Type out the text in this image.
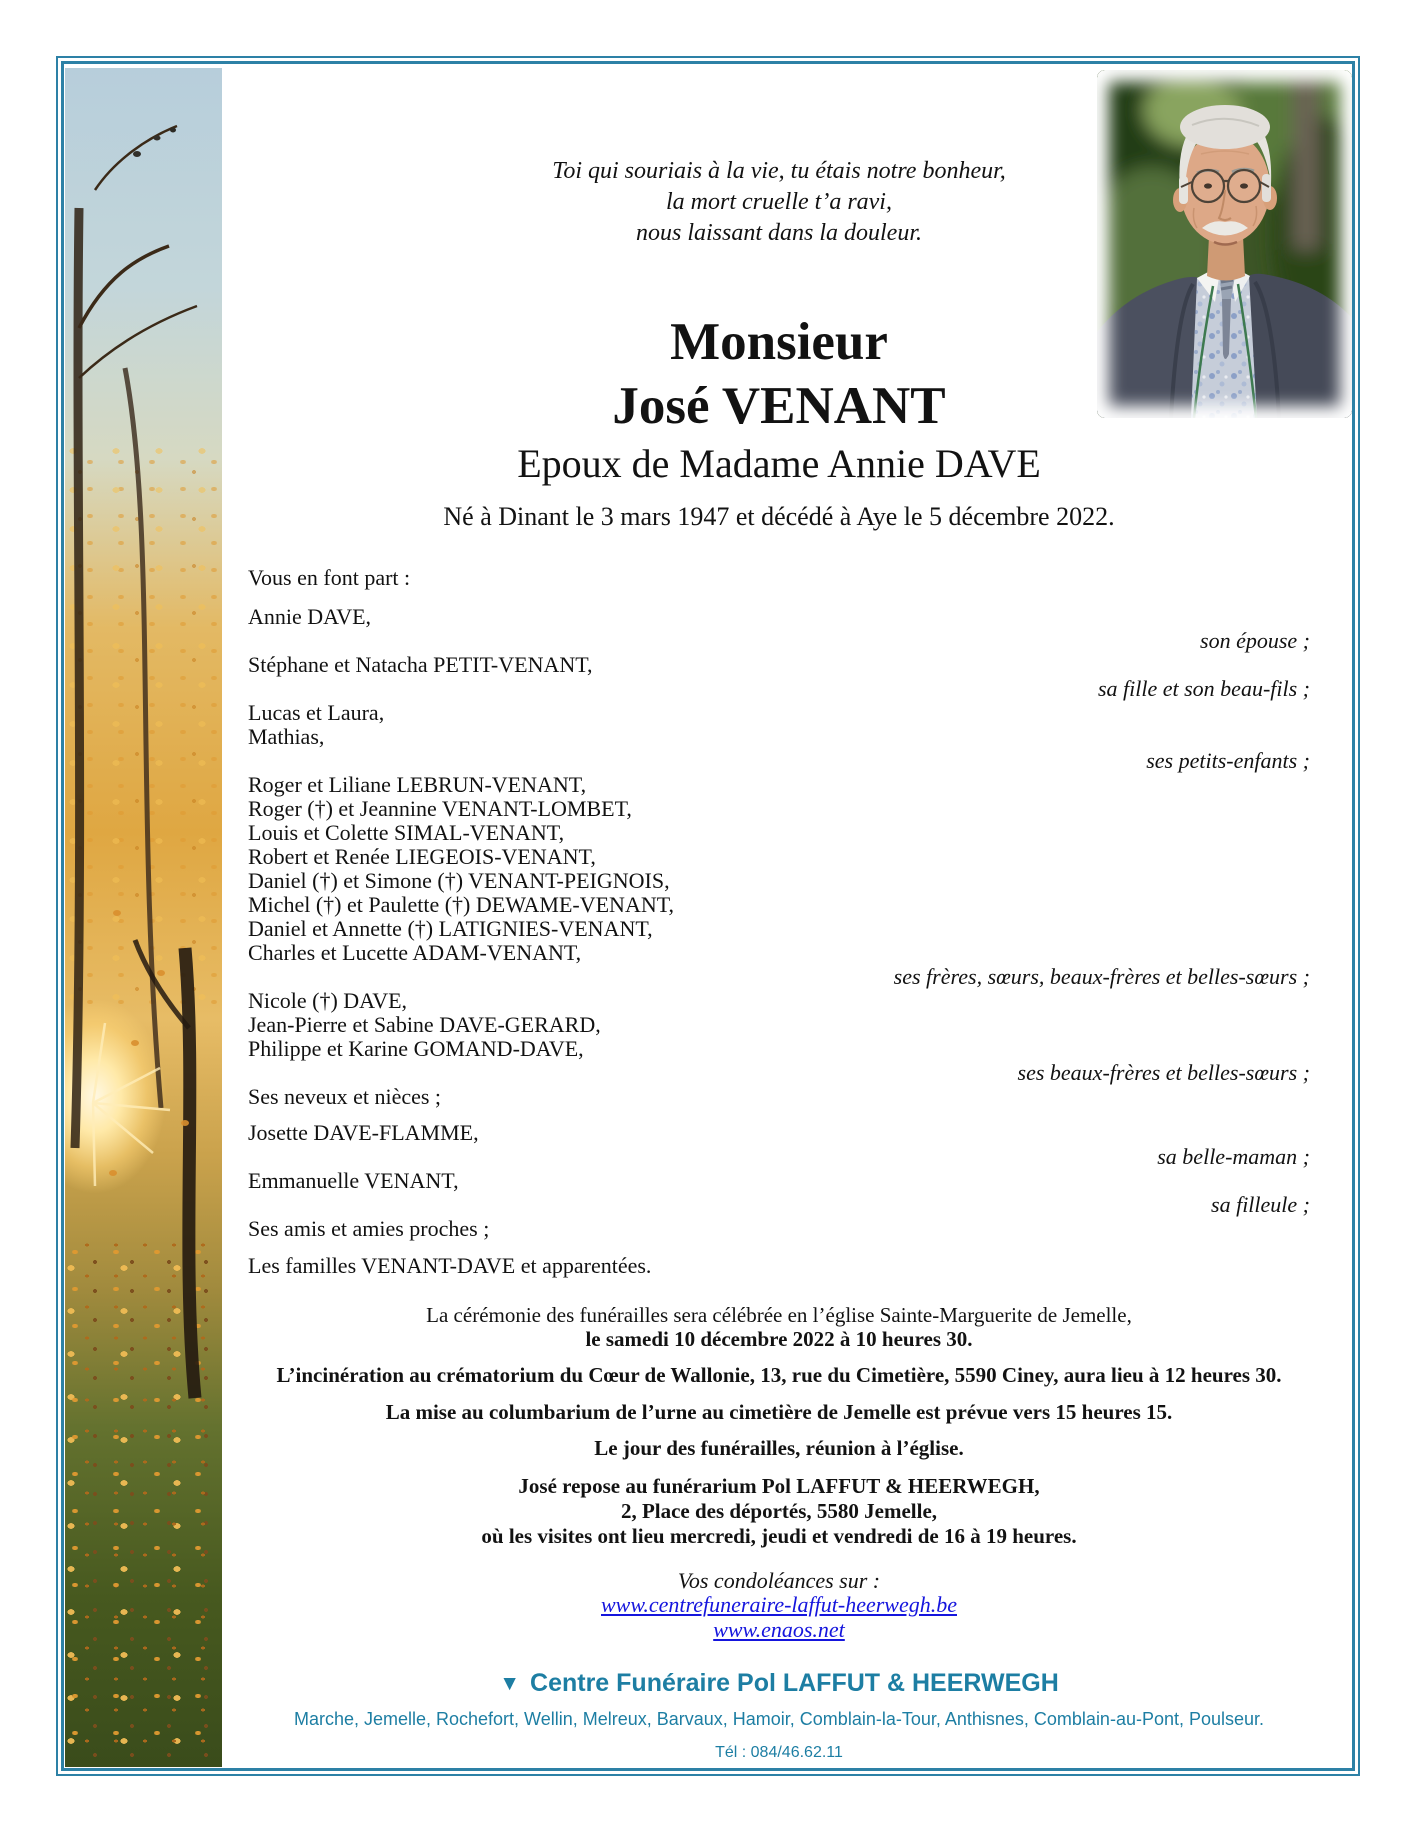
Toi qui souriais à la vie, tu étais notre bonheur,
la mort cruelle t’a ravi,
nous laissant dans la douleur.
Monsieur
José VENANT
Epoux de Madame Annie DAVE
Né à Dinant le 3 mars 1947 et décédé à Aye le 5 décembre 2022.
Vous en font part :
Annie DAVE,
son épouse ;
Stéphane et Natacha PETIT-VENANT,
sa fille et son beau-fils ;
Lucas et Laura,
Mathias,
ses petits-enfants ;
Roger et Liliane LEBRUN-VENANT,
Roger (†) et Jeannine VENANT-LOMBET,
Louis et Colette SIMAL-VENANT,
Robert et Renée LIEGEOIS-VENANT,
Daniel (†) et Simone (†) VENANT-PEIGNOIS,
Michel (†) et Paulette (†) DEWAME-VENANT,
Daniel et Annette (†) LATIGNIES-VENANT,
Charles et Lucette ADAM-VENANT,
ses frères, sœurs, beaux-frères et belles-sœurs ;
Nicole (†) DAVE,
Jean-Pierre et Sabine DAVE-GERARD,
Philippe et Karine GOMAND-DAVE,
ses beaux-frères et belles-sœurs ;
Ses neveux et nièces ;
Josette DAVE-FLAMME,
sa belle-maman ;
Emmanuelle VENANT,
sa filleule ;
Ses amis et amies proches ;
Les familles VENANT-DAVE et apparentées.
La cérémonie des funérailles sera célébrée en l’église Sainte-Marguerite de Jemelle,
le samedi 10 décembre 2022 à 10 heures 30.
L’incinération au crématorium du Cœur de Wallonie, 13, rue du Cimetière, 5590 Ciney, aura lieu à 12 heures 30.
La mise au columbarium de l’urne au cimetière de Jemelle est prévue vers 15 heures 15.
Le jour des funérailles, réunion à l’église.
José repose au funérarium Pol LAFFUT & HEERWEGH,
2, Place des déportés, 5580 Jemelle,
où les visites ont lieu mercredi, jeudi et vendredi de 16 à 19 heures.
Vos condoléances sur :
www.centrefuneraire-laffut-heerwegh.be
www.enaos.net
▼ Centre Funéraire Pol LAFFUT & HEERWEGH
Marche, Jemelle, Rochefort, Wellin, Melreux, Barvaux, Hamoir, Comblain-la-Tour, Anthisnes, Comblain-au-Pont, Poulseur.
Tél : 084/46.62.11
